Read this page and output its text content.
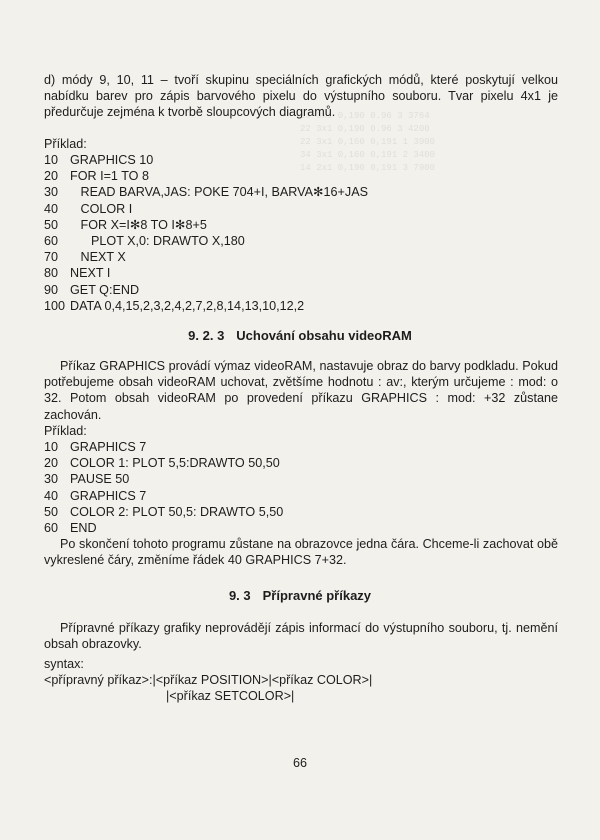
13 3x1 0,190 0.96 3 3764
22 3x1 0,190 0.96 3 4200
22 3x1 0,160 0,191 1 3900
34 3x1 0,160 0,191 2 3400
14 2x1 0,190 0,191 3 7900
d) módy 9, 10, 11 – tvoří skupinu speciálních grafických módů, které poskytují velkou nabídku barev pro zápis barvového pixelu do výstupního souboru. Tvar pixelu 4x1 je předurčuje zejména k tvorbě sloupcových diagramů.
Příklad:
10 GRAPHICS 10
20 FOR I=1 TO 8
30 READ BARVA,JAS: POKE 704+I, BARVA✻16+JAS
40 COLOR I
50 FOR X=I✻8 TO I✻8+5
60 PLOT X,0: DRAWTO X,180
70 NEXT X
80 NEXT I
90 GET Q:END
100 DATA 0,4,15,2,3,2,4,2,7,2,8,14,13,10,12,2
9. 2. 3 Uchování obsahu videoRAM
Příkaz GRAPHICS provádí výmaz videoRAM, nastavuje obraz do barvy podkladu. Pokud potřebujeme obsah videoRAM uchovat, zvětšíme hodnotu : av:, kterým určujeme : mod: o 32. Potom obsah videoRAM po provedení příkazu GRAPHICS : mod: +32 zůstane zachován.
Příklad:
10 GRAPHICS 7
20 COLOR 1: PLOT 5,5:DRAWTO 50,50
30 PAUSE 50
40 GRAPHICS 7
50 COLOR 2: PLOT 50,5: DRAWTO 5,50
60 END
Po skončení tohoto programu zůstane na obrazovce jedna čára. Chceme-li zachovat obě vykreslené čáry, změníme řádek 40 GRAPHICS 7+32.
9. 3 Přípravné příkazy
Přípravné příkazy grafiky neprovádějí zápis informací do výstupního souboru, tj. nemění obsah obrazovky.
syntax:
<přípravný příkaz>:|<příkaz POSITION>|<příkaz COLOR>|
|<příkaz SETCOLOR>|
66
